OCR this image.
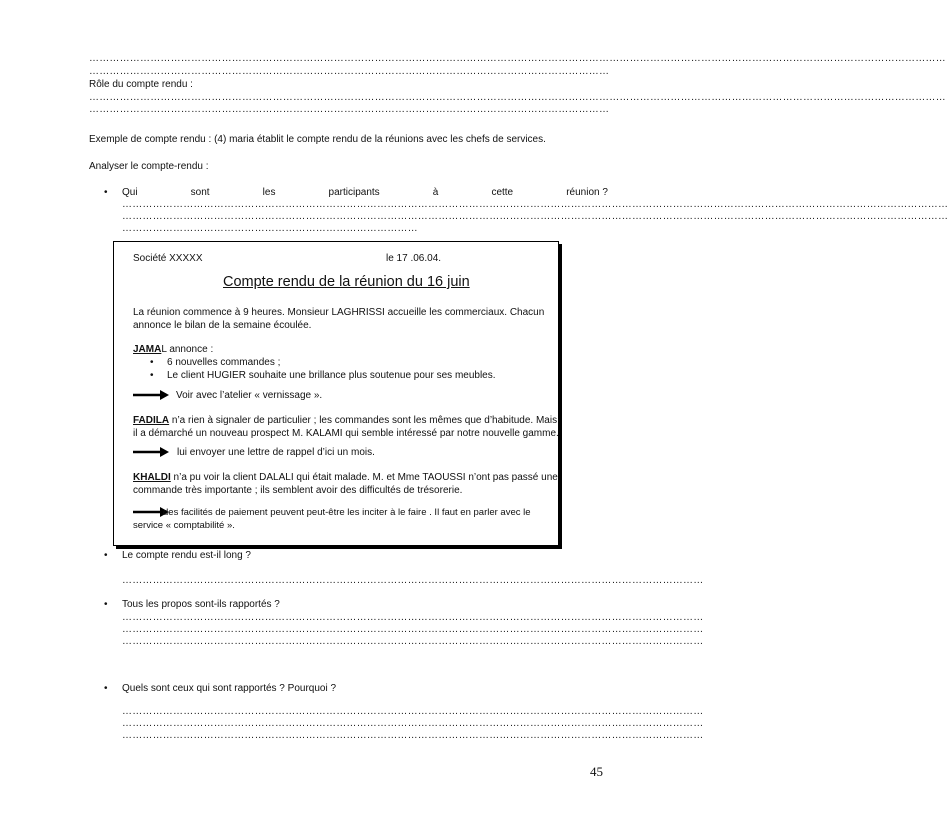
………………………………………………………………………………………………………………………………………………………………………………………………………………………………
………………………………………………………………………………………………………………………………………
Rôle du compte rendu :
………………………………………………………………………………………………………………………………………………………………………………………………………………………………
………………………………………………………………………………………………………………………………………
Exemple de compte rendu : (4) maria établit le compte rendu de la réunions avec les chefs de services.
Analyser le compte-rendu :
• Qui	sont	les	participants	à	cette	réunion ?
………………………………………………………………………………………………………………………………………………………………………………………………………………………
………………………………………………………………………………………………………………………………………………………………………………………………………………………
……………………………………………………………………………
Société XXXXX	le 17 .06.04.
Compte rendu de la réunion du 16 juin
La réunion commence à 9 heures. Monsieur LAGHRISSI accueille les commerciaux. Chacun
annonce le bilan de la semaine écoulée.
JAMAL annonce :
• 6 nouvelles commandes ;
• Le client HUGIER souhaite une brillance plus soutenue pour ses meubles.
Voir avec l’atelier « vernissage ».
FADILA n’a rien à signaler de particulier ; les commandes sont les mêmes que d’habitude. Mais
il a démarché un nouveau prospect M. KALAMI qui semble intéressé par notre nouvelle gamme.
lui envoyer une lettre de rappel d’ici un mois.
KHALDI n’a pu voir la client DALALI qui était malade. M. et Mme TAOUSSI n’ont pas passé une
commande très importante ; ils semblent avoir des difficultés de trésorerie.
des facilités de paiement peuvent peut-être les inciter à le faire . Il faut en parler avec le
service « comptabilité ».
• Le compte rendu est-il long ?
………………………………………………………………………………………………………………………………………………………
• Tous les propos sont-ils rapportés ?
………………………………………………………………………………………………………………………………………………………
………………………………………………………………………………………………………………………………………………………
………………………………………………………………………………………………………………………………………………………
• Quels sont ceux qui sont rapportés ? Pourquoi ?
………………………………………………………………………………………………………………………………………………………
………………………………………………………………………………………………………………………………………………………
………………………………………………………………………………………………………………………………………………………
45
